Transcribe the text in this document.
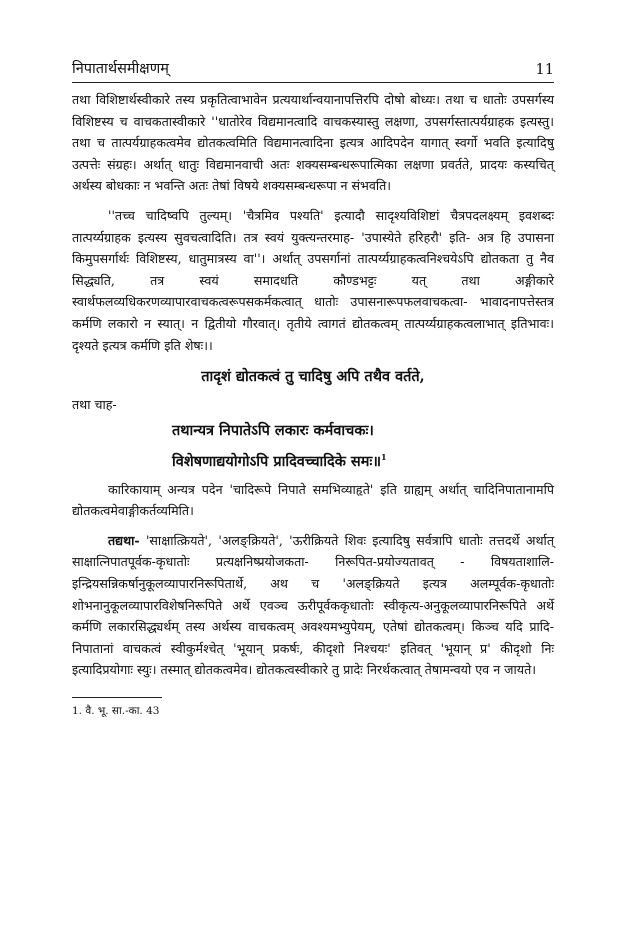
निपातार्थसमीक्षणम्	11

तथा विशिष्टार्थस्वीकारे तस्य प्रकृतित्वाभावेन प्रत्ययार्थान्वयानापत्तिरपि दोषो बोध्यः। तथा च धातोः उपसर्गस्य विशिष्टस्य च वाचकतास्वीकारे ''धातोरेव विद्यमानत्वादि वाचकस्यास्तु लक्षणा, उपसर्गस्तात्पर्यग्राहक इत्यस्तु। तथा च तात्पर्यग्राहकत्वमेव द्योतकत्वमिति विद्यमानत्वादिना इत्यत्र आदिपदेन यागात् स्वर्गो भवति इत्यादिषु उत्पत्तेः संग्रहः। अर्थात् धातुः विद्यमानवाची अतः शक्यसम्बन्धरूपात्मिका लक्षणा प्रवर्तते, प्रादयः कस्यचित् अर्थस्य बोधकाः न भवन्ति अतः तेषां विषये शक्यसम्बन्धरूपा न संभवति।

''तच्च चादिष्वपि तुल्यम्। 'चैत्रमिव पश्यति' इत्यादौ सादृश्यविशिष्टां चैत्रपदलक्ष्यम् इवशब्दः तात्पर्य्यग्राहक इत्यस्य सुवचत्वादिति। तत्र स्वयं युक्त्यन्तरमाह- 'उपास्येते हरिहरौ' इति- अत्र हि उपासना किमुपसर्गार्थः विशिष्टस्य, धातुमात्रस्य वा''। अर्थात् उपसर्गानां तात्पर्य्यग्राहकत्वनिश्चयेऽपि द्योतकता तु नैव सिद्ध्यति, तत्र स्वयं समादधति कौण्डभट्टः यत् तथा अङ्गीकारे स्वार्थफलव्यधिकरणव्यापारवाचकत्वरूपसकर्मकत्वात् धातोः उपासनारूपफलवाचकत्वा- भावादनापत्तेस्तत्र कर्मणि लकारो न स्यात्। न द्वितीयो गौरवात्। तृतीये त्वागतं द्योतकत्वम् तात्पर्य्यग्राहकत्वलाभात् इतिभावः। दृश्यते इत्यत्र कर्मणि इति शेषः।।

तादृशं द्योतकत्वं तु चादिषु अपि तथैव वर्तते,

तथा चाह-

तथान्यत्र निपातेऽपि लकारः कर्मवाचकः।

विशेषणाद्ययोगोऽपि प्रादिवच्चादिके समः॥$^1$

कारिकायाम् अन्यत्र पदेन 'चादिरूपे निपाते समभिव्याहृते' इति ग्राह्यम् अर्थात् चादिनिपातानामपि द्योतकत्वमेवाङ्गीकर्तव्यमिति।

तद्यथा- 'साक्षात्क्रियते', 'अलङ्क्रियते', 'ऊरीक्रियते शिवः इत्यादिषु सर्वत्रापि धातोः तत्तदर्थे अर्थात् साक्षात्निपातपूर्वक-कृधातोः प्रत्यक्षनिष्प्रयोजकता- निरूपित-प्रयोज्यतावत् - विषयताशालि-इन्द्रियसन्निकर्षानुकूलव्यापारनिरूपितार्थे, अथ च 'अलङ्क्रियते इत्यत्र अलम्पूर्वक-कृधातोः शोभनानुकूलव्यापारविशेषनिरूपिते अर्थे एवञ्च ऊरीपूर्वककृधातोः स्वीकृत्य-अनुकूलव्यापारनिरूपिते अर्थे कर्मणि लकारसिद्ध्यर्थम् तस्य अर्थस्य वाचकत्वम् अवश्यमभ्युपेयम्, एतेषां द्योतकत्वम्। किञ्च यदि प्रादि-निपातानां वाचकत्वं स्वीकुर्मश्चेत् 'भूयान् प्रकर्षः, कीदृशो निश्चयः' इतिवत् 'भूयान् प्र' कीदृशो निः इत्यादिप्रयोगाः स्युः। तस्मात् द्योतकत्वमेव। द्योतकत्वस्वीकारे तु प्रादेः निरर्थकत्वात् तेषामन्वयो एव न जायते।

1. वै. भू. सा.-का. 43
